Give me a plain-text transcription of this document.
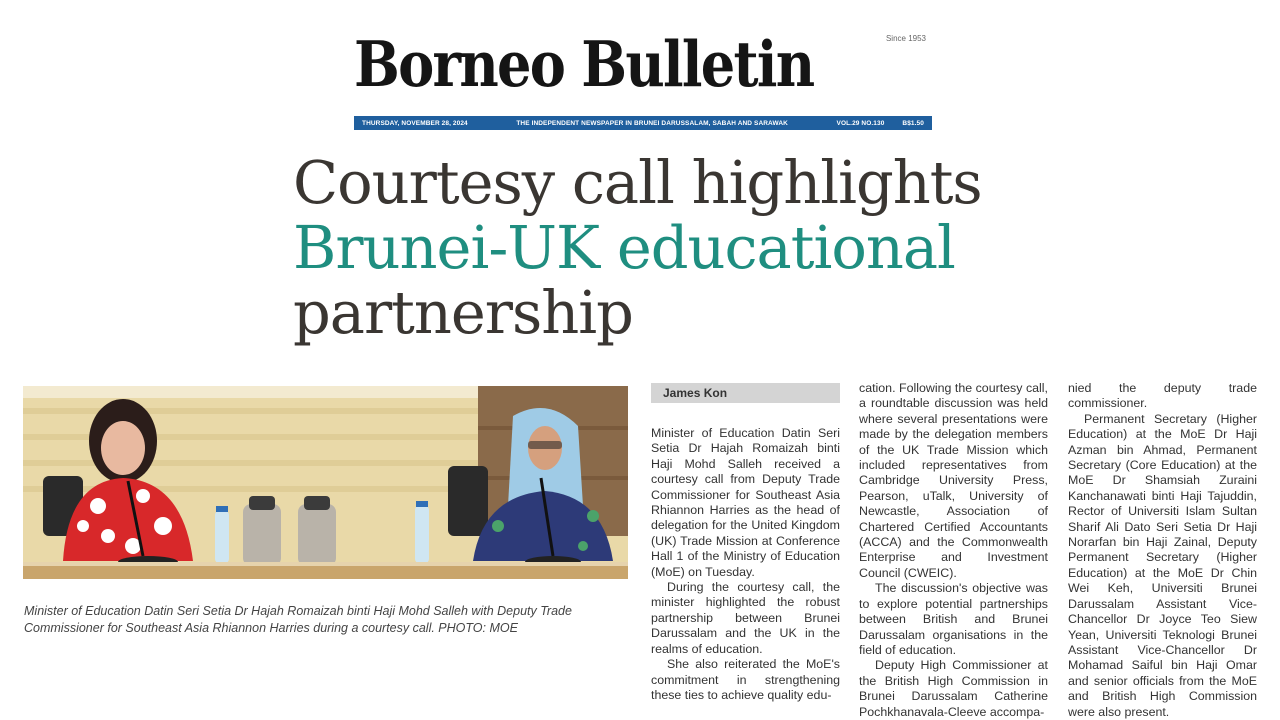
Borneo Bulletin	Since 1953
THURSDAY, NOVEMBER 28, 2024	THE INDEPENDENT NEWSPAPER IN BRUNEI DARUSSALAM, SABAH AND SARAWAK	VOL.29 NO.130	B$1.50
Courtesy call highlights
Brunei-UK educational
partnership
Minister of Education Datin Seri Setia Dr Hajah Romaizah binti Haji Mohd Salleh with Deputy Trade Commissioner for Southeast Asia Rhiannon Harries during a courtesy call. PHOTO: MOE
James Kon

Minister of Education Datin Seri Setia Dr Hajah Romaizah binti Haji Mohd Salleh received a courtesy call from Deputy Trade Commissioner for Southeast Asia Rhiannon Harries as the head of delegation for the United Kingdom (UK) Trade Mission at Conference Hall 1 of the Ministry of Education (MoE) on Tuesday.

During the courtesy call, the minister highlighted the robust partnership between Brunei Darussalam and the UK in the realms of education.

She also reiterated the MoE's commitment in strengthening these ties to achieve quality edu-

cation. Following the courtesy call, a roundtable discussion was held where several presentations were made by the delegation members of the UK Trade Mission which included representatives from Cambridge University Press, Pearson, uTalk, University of Newcastle, Association of Chartered Certified Accountants (ACCA) and the Commonwealth Enterprise and Investment Council (CWEIC).

The discussion's objective was to explore potential partnerships between British and Brunei Darussalam organisations in the field of education.

Deputy High Commissioner at the British High Commission in Brunei Darussalam Catherine Pochkhanavala-Cleeve accompa-

nied the deputy trade commissioner.

Permanent Secretary (Higher Education) at the MoE Dr Haji Azman bin Ahmad, Permanent Secretary (Core Education) at the MoE Dr Shamsiah Zuraini Kanchanawati binti Haji Tajuddin, Rector of Universiti Islam Sultan Sharif Ali Dato Seri Setia Dr Haji Norarfan bin Haji Zainal, Deputy Permanent Secretary (Higher Education) at the MoE Dr Chin Wei Keh, Universiti Brunei Darussalam Assistant Vice-Chancellor Dr Joyce Teo Siew Yean, Universiti Teknologi Brunei Assistant Vice-Chancellor Dr Mohamad Saiful bin Haji Omar and senior officials from the MoE and British High Commission were also present.
